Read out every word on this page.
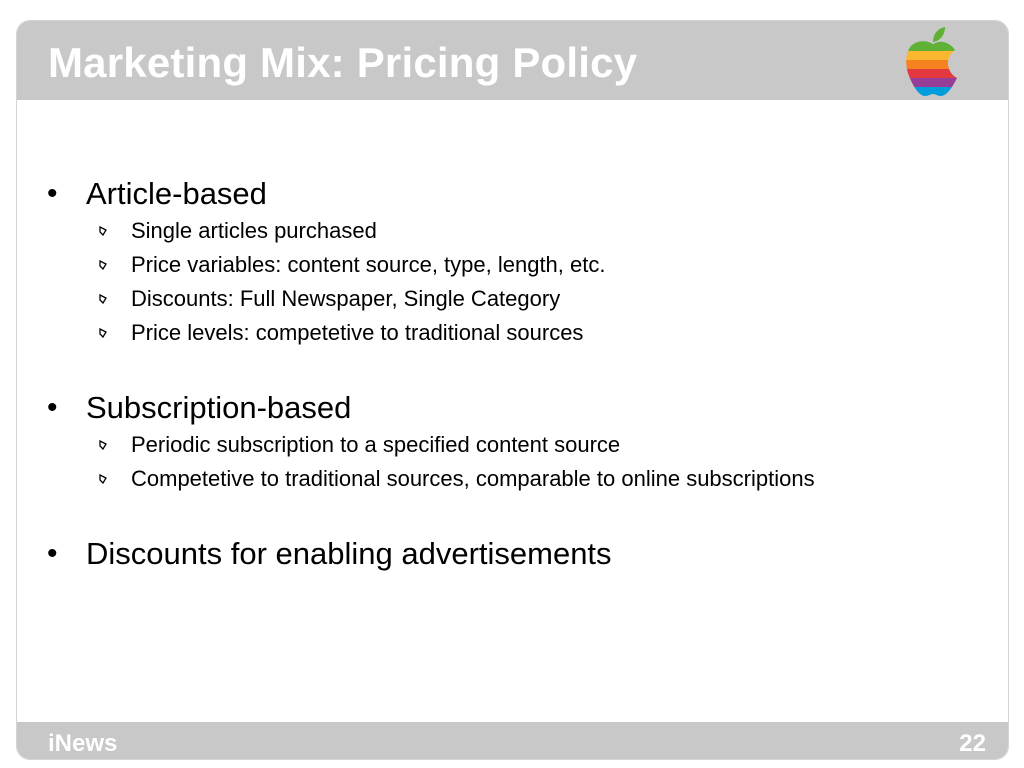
Marketing Mix: Pricing Policy
• Article-based
Single articles purchased
Price variables: content source, type, length, etc.
Discounts: Full Newspaper, Single Category
Price levels: competetive to traditional sources
• Subscription-based
Periodic subscription to a specified content source
Competetive to traditional sources, comparable to online subscriptions
• Discounts for enabling advertisements
iNews	22
